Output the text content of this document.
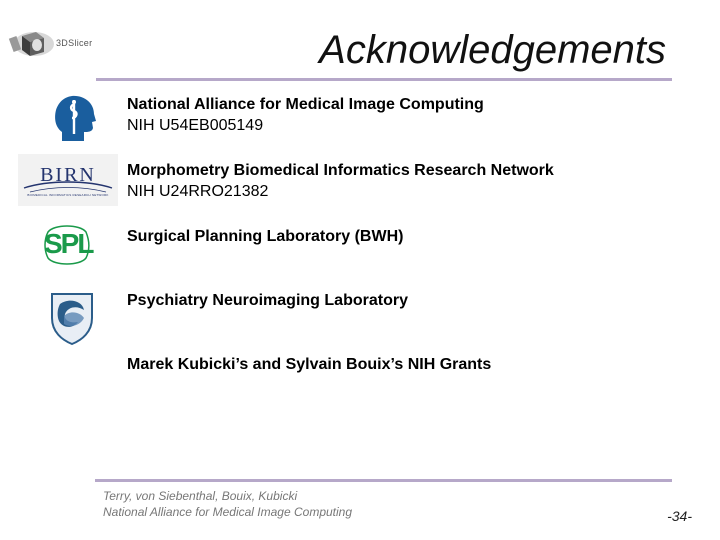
3DSlicer	Acknowledgements
National Alliance for Medical Image Computing
NIH U54EB005149
BIRN
BIOMEDICAL INFORMATICS RESEARCH NETWORK
Morphometry Biomedical Informatics Research Network
NIH U24RRO21382
SPL Surgical Planning Laboratory (BWH)
Psychiatry Neuroimaging Laboratory
Marek Kubicki’s and Sylvain Bouix’s NIH Grants
Terry, von Siebenthal, Bouix, Kubicki
National Alliance for Medical Image Computing	-34-
